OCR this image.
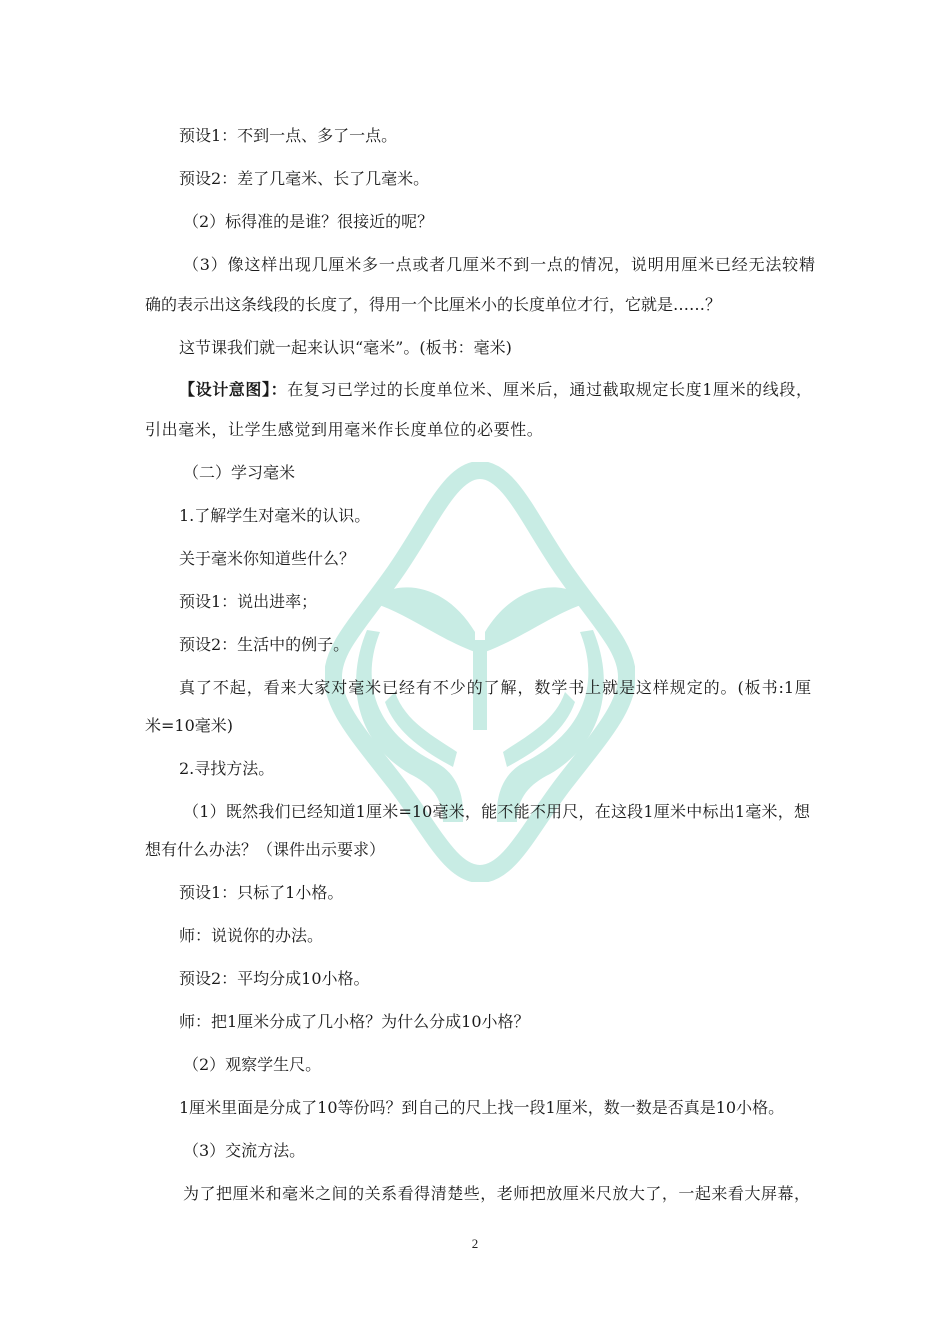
预设1：不到一点、多了一点。
预设2：差了几毫米、长了几毫米。
（2）标得准的是谁？很接近的呢？
（3）像这样出现几厘米多一点或者几厘米不到一点的情况，说明用厘米已经无法较精
确的表示出这条线段的长度了，得用一个比厘米小的长度单位才行，它就是……？
这节课我们就一起来认识“毫米”。(板书：毫米)
【设计意图】：在复习已学过的长度单位米、厘米后，通过截取规定长度1厘米的线段，
引出毫米，让学生感觉到用毫米作长度单位的必要性。
（二）学习毫米
1.了解学生对毫米的认识。
关于毫米你知道些什么？
预设1：说出进率；
预设2：生活中的例子。
真了不起，看来大家对毫米已经有不少的了解，数学书上就是这样规定的。(板书:1厘
米=10毫米)
2.寻找方法。
（1）既然我们已经知道1厘米=10毫米，能不能不用尺，在这段1厘米中标出1毫米，想
想有什么办法？（课件出示要求）
预设1：只标了1小格。
师：说说你的办法。
预设2：平均分成10小格。
师：把1厘米分成了几小格？为什么分成10小格？
（2）观察学生尺。
1厘米里面是分成了10等份吗？到自己的尺上找一段1厘米，数一数是否真是10小格。
（3）交流方法。
为了把厘米和毫米之间的关系看得清楚些，老师把放厘米尺放大了，一起来看大屏幕，
2
